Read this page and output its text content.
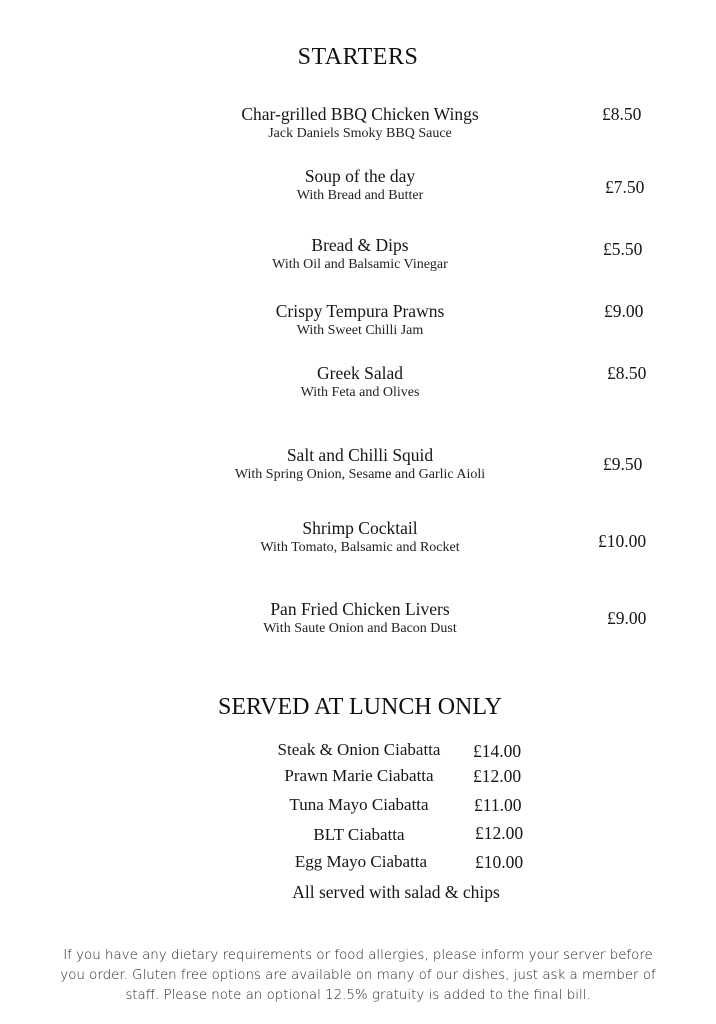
STARTERS
Char-grilled BBQ Chicken Wings
Jack Daniels Smoky BBQ Sauce
£8.50
Soup of the day
With Bread and Butter	£7.50
Bread & Dips
With Oil and Balsamic Vinegar
£5.50
Crispy Tempura Prawns
With Sweet Chilli Jam
£9.00
Greek Salad
With Feta and Olives
£8.50
Salt and Chilli Squid
With Spring Onion, Sesame and Garlic Aioli
£9.50
Shrimp Cocktail
With Tomato, Balsamic and Rocket	£10.00
Pan Fried Chicken Livers
With Saute Onion and Bacon Dust
£9.00
SERVED AT LUNCH ONLY
Steak & Onion Ciabatta	£14.00
Prawn Marie Ciabatta	£12.00
Tuna Mayo Ciabatta	£11.00
BLT Ciabatta	£12.00
Egg Mayo Ciabatta	£10.00
All served with salad & chips
If you have any dietary requirements or food allergies, please inform your server before
you order. Gluten free options are available on many of our dishes, just ask a member of
staff. Please note an optional 12.5% gratuity is added to the final bill.
